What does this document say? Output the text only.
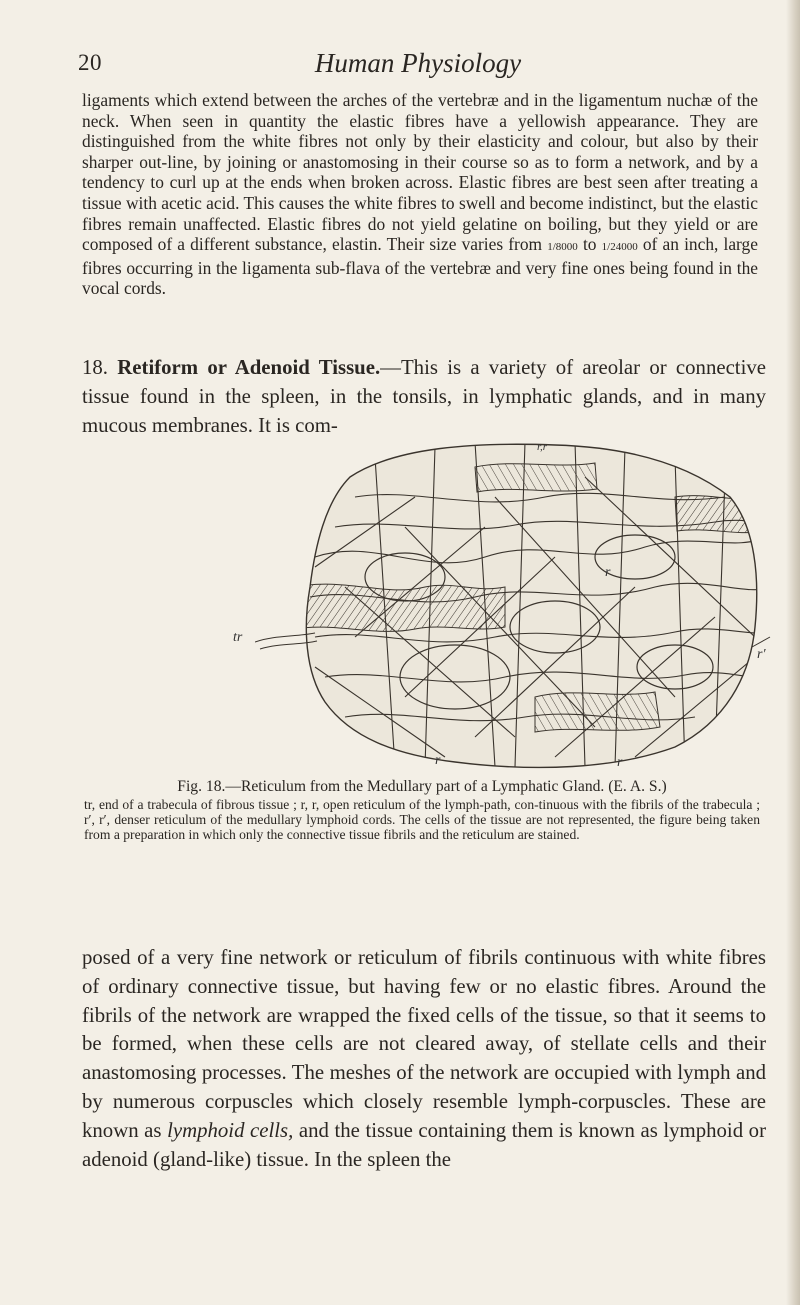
20	Human Physiology

ligaments which extend between the arches of the vertebræ and in the ligamentum nuchæ of the neck. When seen in quantity the elastic fibres have a yellowish appearance. They are distinguished from the white fibres not only by their elasticity and colour, but also by their sharper out-line, by joining or anastomosing in their course so as to form a network, and by a tendency to curl up at the ends when broken across. Elastic fibres are best seen after treating a tissue with acetic acid. This causes the white fibres to swell and become indistinct, but the elastic fibres remain unaffected. Elastic fibres do not yield gelatine on boiling, but they yield or are composed of a different substance, elastin. Their size varies from 1/8000 to 1/24000 of an inch, large fibres occurring in the ligamenta sub-flava of the vertebræ and very fine ones being found in the vocal cords.

18. Retiform or Adenoid Tissue.—This is a variety of areolar or connective tissue found in the spleen, in the tonsils, in lymphatic glands, and in many mucous membranes. It is com-

tr
r,r
r
r	r
r′
Fig. 18.—Reticulum from the Medullary part of a Lymphatic Gland. (E. A. S.)
tr, end of a trabecula of fibrous tissue ; r, r, open reticulum of the lymph-path, con-tinuous with the fibrils of the trabecula ; r′, r′, denser reticulum of the medullary lymphoid cords. The cells of the tissue are not represented, the figure being taken from a preparation in which only the connective tissue fibrils and the reticulum are stained.

posed of a very fine network or reticulum of fibrils continuous with white fibres of ordinary connective tissue, but having few or no elastic fibres. Around the fibrils of the network are wrapped the fixed cells of the tissue, so that it seems to be formed, when these cells are not cleared away, of stellate cells and their anastomosing processes. The meshes of the network are occupied with lymph and by numerous corpuscles which closely resemble lymph-corpuscles. These are known as lymphoid cells, and the tissue containing them is known as lymphoid or adenoid (gland-like) tissue. In the spleen the
